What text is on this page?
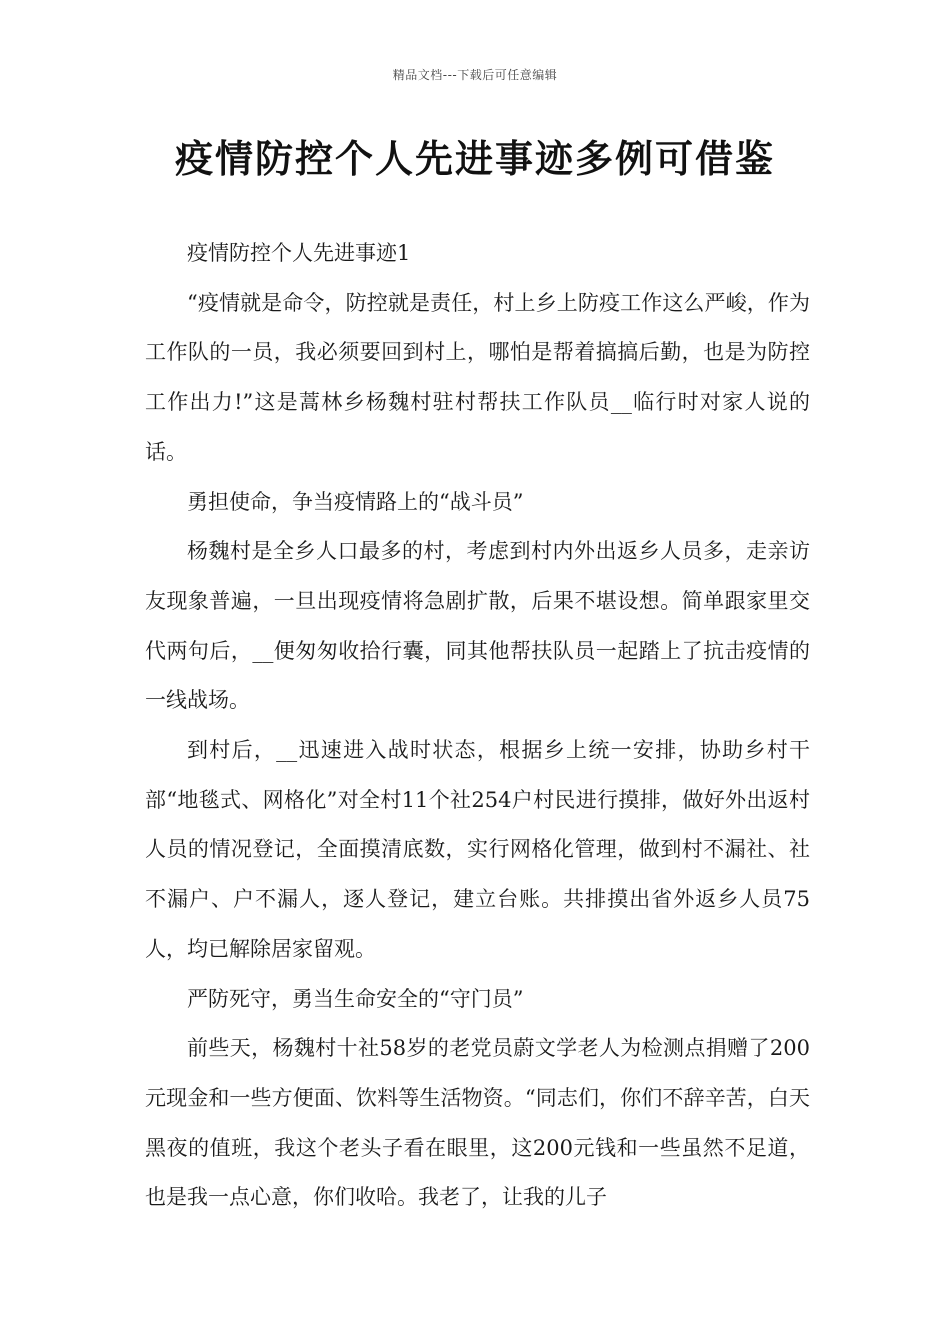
精品文档---下载后可任意编辑
疫情防控个人先进事迹多例可借鉴

疫情防控个人先进事迹1

“疫情就是命令，防控就是责任，村上乡上防疫工作这么严峻，作为工作队的一员，我必须要回到村上，哪怕是帮着搞搞后勤，也是为防控工作出力!”这是蒿林乡杨魏村驻村帮扶工作队员__临行时对家人说的话。

勇担使命，争当疫情路上的“战斗员”

杨魏村是全乡人口最多的村，考虑到村内外出返乡人员多，走亲访友现象普遍，一旦出现疫情将急剧扩散，后果不堪设想。简单跟家里交代两句后，__便匆匆收拾行囊，同其他帮扶队员一起踏上了抗击疫情的一线战场。

到村后，__迅速进入战时状态，根据乡上统一安排，协助乡村干部“地毯式、网格化”对全村11个社254户村民进行摸排，做好外出返村人员的情况登记，全面摸清底数，实行网格化管理，做到村不漏社、社不漏户、户不漏人，逐人登记，建立台账。共排摸出省外返乡人员75人，均已解除居家留观。

严防死守，勇当生命安全的“守门员”

前些天，杨魏村十社58岁的老党员蔚文学老人为检测点捐赠了200元现金和一些方便面、饮料等生活物资。“同志们，你们不辞辛苦，白天黑夜的值班，我这个老头子看在眼里，这200元钱和一些虽然不足道，也是我一点心意，你们收哈。我老了，让我的儿子
